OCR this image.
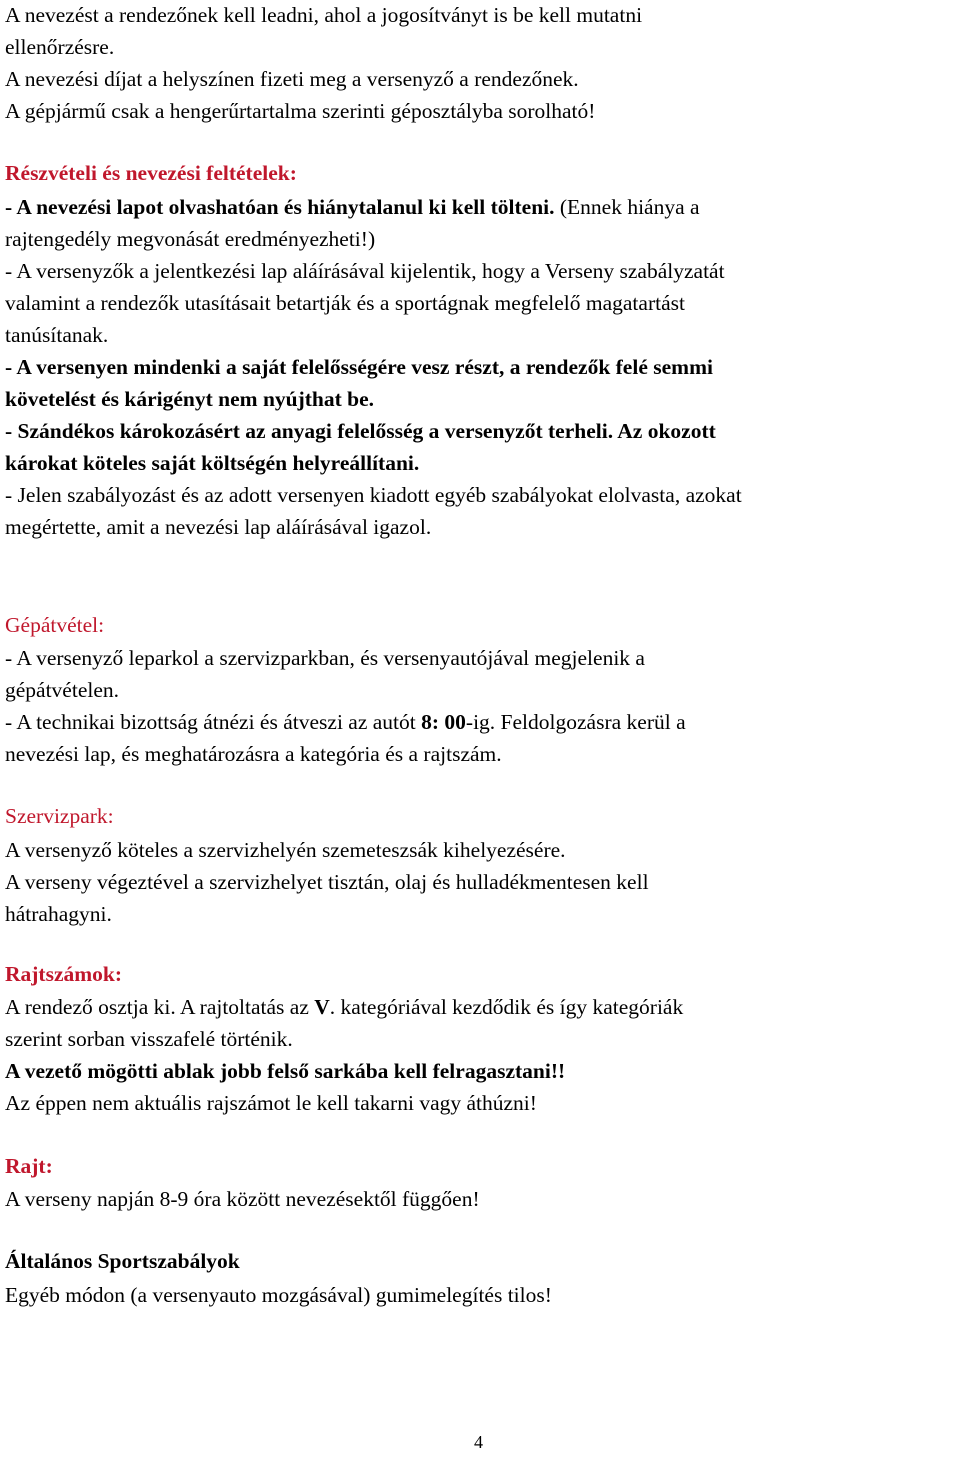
A nevezést a rendezőnek kell leadni, ahol a jogosítványt is be kell mutatni
ellenőrzésre.
A nevezési díjat a helyszínen fizeti meg a versenyző a rendezőnek.
A gépjármű csak a hengerűrtartalma szerinti géposztályba sorolható!
Részvételi és nevezési feltételek:
- A nevezési lapot olvashatóan és hiánytalanul ki kell tölteni. (Ennek hiánya a
rajtengedély megvonását eredményezheti!)
- A versenyzők a jelentkezési lap aláírásával kijelentik, hogy a Verseny szabályzatát
valamint a rendezők utasításait betartják és a sportágnak megfelelő magatartást
tanúsítanak.
- A versenyen mindenki a saját felelősségére vesz részt, a rendezők felé semmi
követelést és kárigényt nem nyújthat be.
- Szándékos károkozásért az anyagi felelősség a versenyzőt terheli. Az okozott
károkat köteles saját költségén helyreállítani.
- Jelen szabályozást és az adott versenyen kiadott egyéb szabályokat elolvasta, azokat
megértette, amit a nevezési lap aláírásával igazol.
Gépátvétel:
- A versenyző leparkol a szervizparkban, és versenyautójával megjelenik a
gépátvételen.
- A technikai bizottság átnézi és átveszi az autót 8: 00-ig. Feldolgozásra kerül a
nevezési lap, és meghatározásra a kategória és a rajtszám.
Szervizpark:
A versenyző köteles a szervizhelyén szemeteszsák kihelyezésére.
A verseny végeztével a szervizhelyet tisztán, olaj és hulladékmentesen kell
hátrahagyni.
Rajtszámok:
A rendező osztja ki. A rajtoltatás az V. kategóriával kezdődik és így kategóriák
szerint sorban visszafelé történik.
A vezető mögötti ablak jobb felső sarkába kell felragasztani!!
Az éppen nem aktuális rajszámot le kell takarni vagy áthúzni!
Rajt:
A verseny napján 8-9 óra között nevezésektől függően!
Általános Sportszabályok
Egyéb módon (a versenyauto mozgásával) gumimelegítés tilos!
4
